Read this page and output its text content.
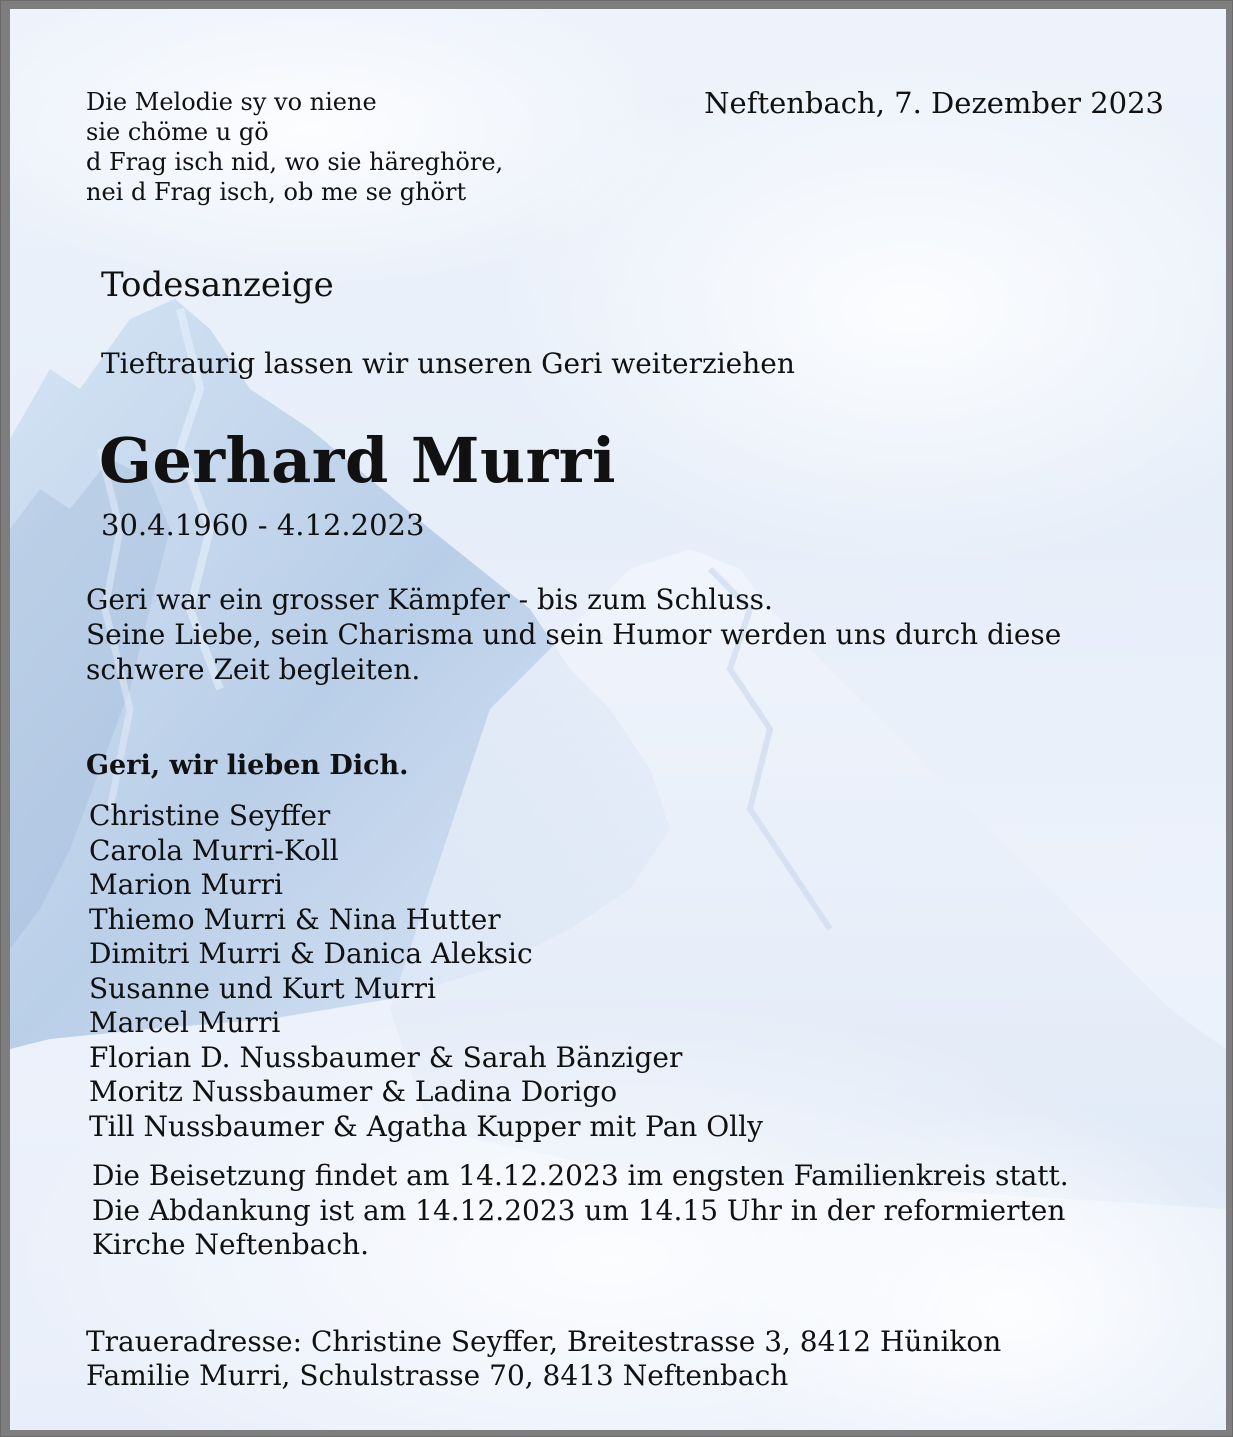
Die Melodie sy vo niene
sie chöme u gö
d Frag isch nid, wo sie häreghöre,
nei d Frag isch, ob me se ghört
Neftenbach, 7. Dezember 2023
Todesanzeige
Tieftraurig lassen wir unseren Geri weiterziehen
Gerhard Murri
30.4.1960 - 4.12.2023
Geri war ein grosser Kämpfer - bis zum Schluss.
Seine Liebe, sein Charisma und sein Humor werden uns durch diese
schwere Zeit begleiten.
Geri, wir lieben Dich.
Christine Seyffer
Carola Murri-Koll
Marion Murri
Thiemo Murri & Nina Hutter
Dimitri Murri & Danica Aleksic
Susanne und Kurt Murri
Marcel Murri
Florian D. Nussbaumer & Sarah Bänziger
Moritz Nussbaumer & Ladina Dorigo
Till Nussbaumer & Agatha Kupper mit Pan Olly
Die Beisetzung findet am 14.12.2023 im engsten Familienkreis statt.
Die Abdankung ist am 14.12.2023 um 14.15 Uhr in der reformierten
Kirche Neftenbach.
Traueradresse: Christine Seyffer, Breitestrasse 3, 8412 Hünikon
Familie Murri, Schulstrasse 70, 8413 Neftenbach
